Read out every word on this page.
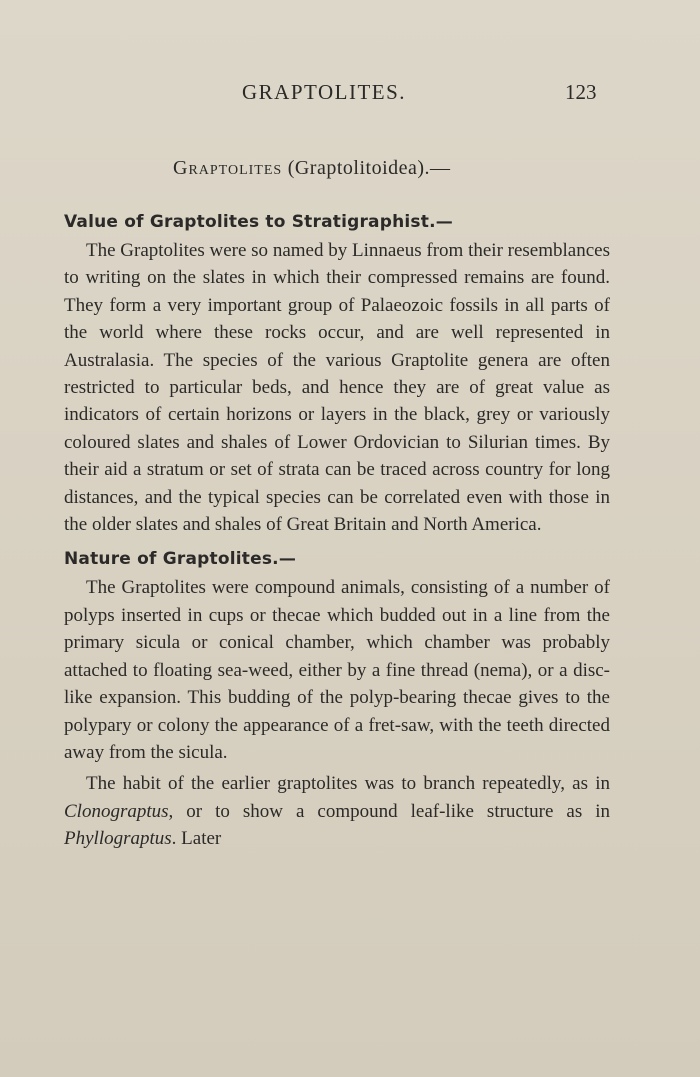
GRAPTOLITES.	123
Graptolites (Graptolitoidea).—
Value of Graptolites to Stratigraphist.—

The Graptolites were so named by Linnaeus from their resemblances to writing on the slates in which their compressed remains are found. They form a very important group of Palaeozoic fossils in all parts of the world where these rocks occur, and are well represented in Australasia. The species of the various Graptolite genera are often restricted to particular beds, and hence they are of great value as indicators of certain horizons or layers in the black, grey or variously coloured slates and shales of Lower Ordovician to Silurian times. By their aid a stratum or set of strata can be traced across country for long distances, and the typical species can be correlated even with those in the older slates and shales of Great Britain and North America.

Nature of Graptolites.—

The Graptolites were compound animals, consisting of a number of polyps inserted in cups or thecae which budded out in a line from the primary sicula or conical chamber, which chamber was probably attached to floating sea-weed, either by a fine thread (nema), or a disc-like expansion. This budding of the polyp-bearing thecae gives to the polypary or colony the appearance of a fret-saw, with the teeth directed away from the sicula.

The habit of the earlier graptolites was to branch repeatedly, as in Clonograptus, or to show a compound leaf-like structure as in Phyllograptus. Later
